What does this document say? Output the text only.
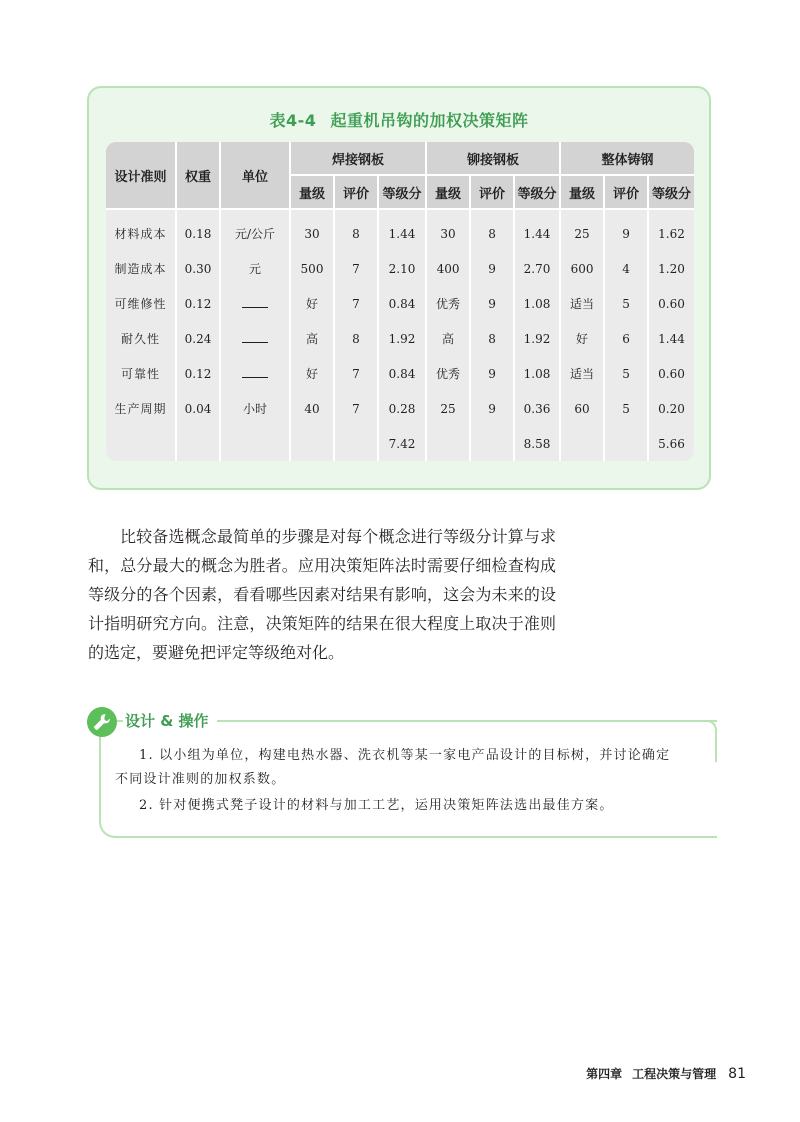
表4-4 起重机吊钩的加权决策矩阵
设计准则	权重	单位	焊接钢板			铆接钢板			整体铸钢		
			量级	评价	等级分	量级	评价	等级分	量级	评价	等级分
材料成本	0.18	元/公斤	30	8	1.44	30	8	1.44	25	9	1.62
制造成本	0.30	元	500	7	2.10	400	9	2.70	600	4	1.20
可维修性	0.12		好	7	0.84	优秀	9	1.08	适当	5	0.60
耐久性	0.24		高	8	1.92	高	8	1.92	好	6	1.44
可靠性	0.12		好	7	0.84	优秀	9	1.08	适当	5	0.60
生产周期	0.04	小时	40	7	0.28	25	9	0.36	60	5	0.20
					7.42			8.58			5.66

比较备选概念最简单的步骤是对每个概念进行等级分计算与求和，总分最大的概念为胜者。应用决策矩阵法时需要仔细检查构成等级分的各个因素，看看哪些因素对结果有影响，这会为未来的设计指明研究方向。注意，决策矩阵的结果在很大程度上取决于准则的选定，要避免把评定等级绝对化。

设计 & 操作
1. 以小组为单位，构建电热水器、洗衣机等某一家电产品设计的目标树，并讨论确定
不同设计准则的加权系数。
2. 针对便携式凳子设计的材料与加工工艺，运用决策矩阵法选出最佳方案。
第四章 工程决策与管理 81
